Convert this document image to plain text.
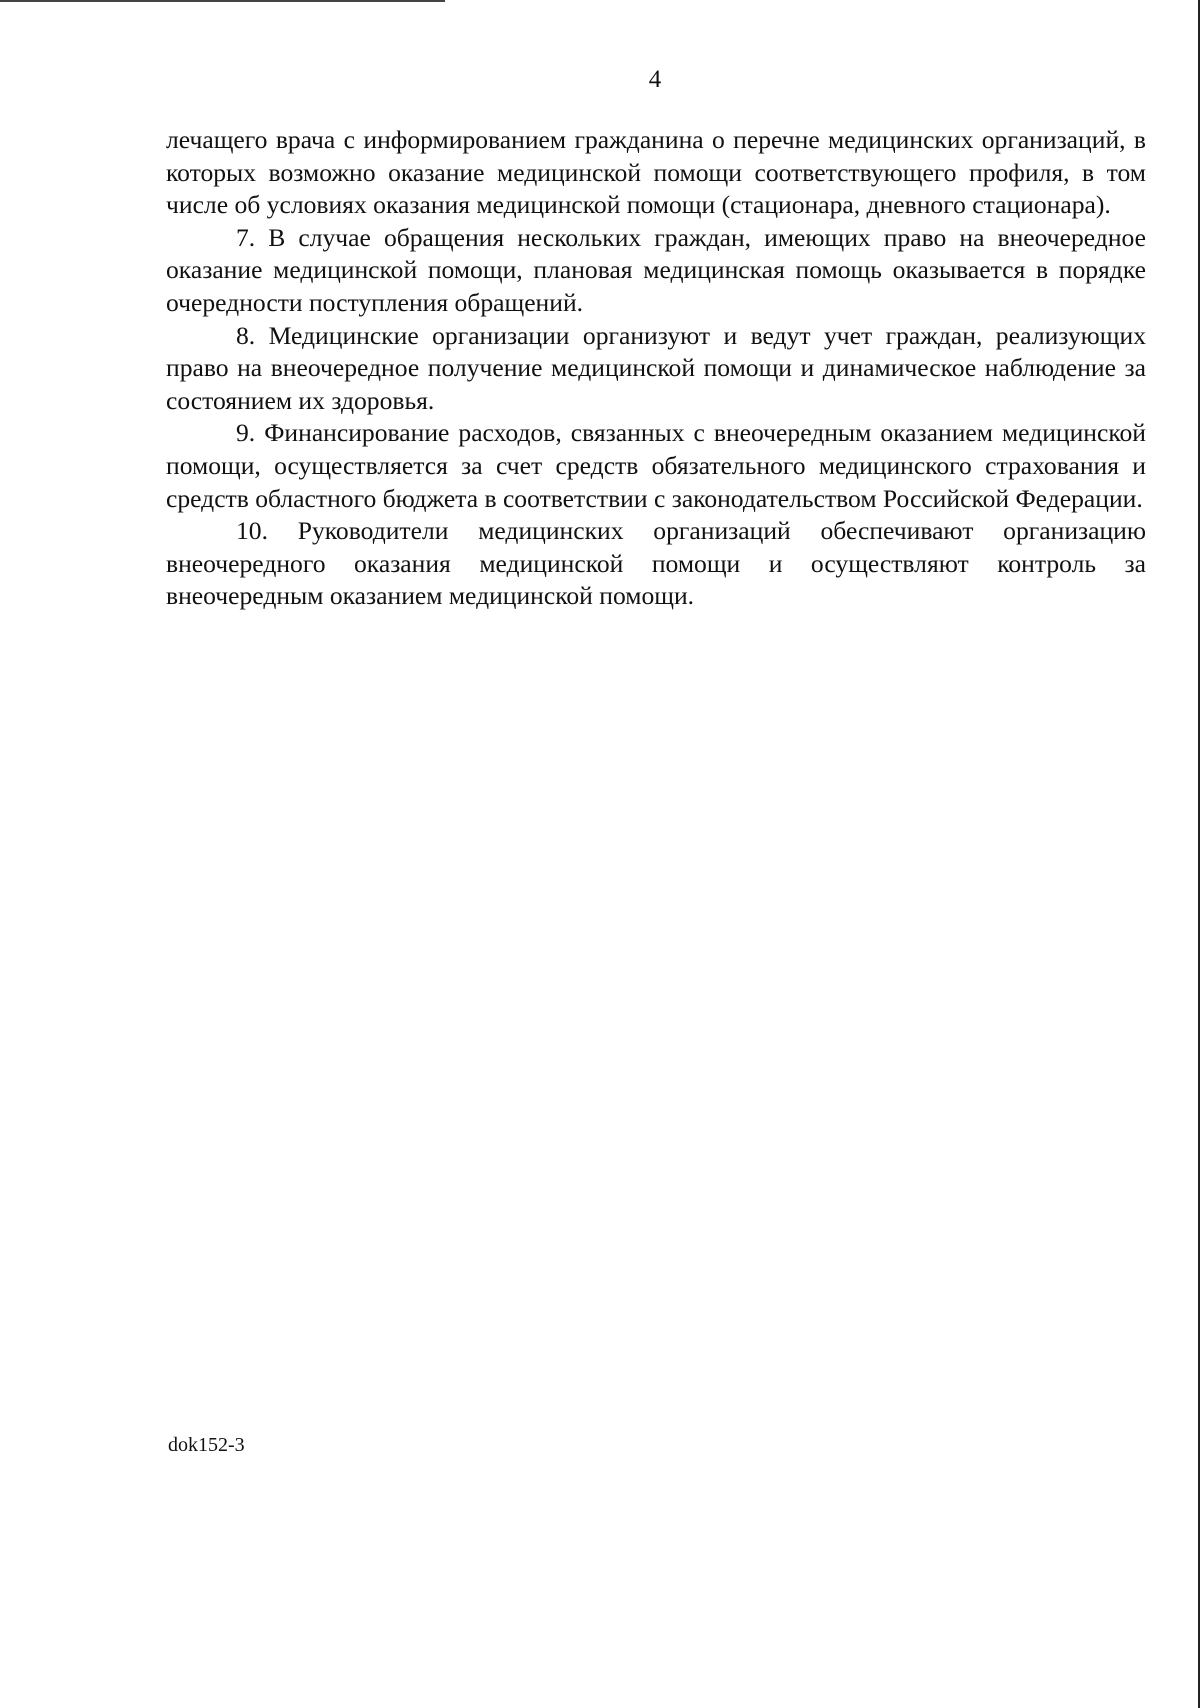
4

лечащего врача с информированием гражданина о перечне медицинских организаций, в которых возможно оказание медицинской помощи соответствующего профиля, в том числе об условиях оказания медицинской помощи (стационара, дневного стационара).

7. В случае обращения нескольких граждан, имеющих право на внеочередное оказание медицинской помощи, плановая медицинская помощь оказывается в порядке очередности поступления обращений.

8. Медицинские организации организуют и ведут учет граждан, реализующих право на внеочередное получение медицинской помощи и динамическое наблюдение за состоянием их здоровья.

9. Финансирование расходов, связанных с внеочередным оказанием медицинской помощи, осуществляется за счет средств обязательного медицинского страхования и средств областного бюджета в соответствии с законодательством Российской Федерации.

10. Руководители медицинских организаций обеспечивают организацию внеочередного оказания медицинской помощи и осуществляют контроль за внеочередным оказанием медицинской помощи.

dok152-3
